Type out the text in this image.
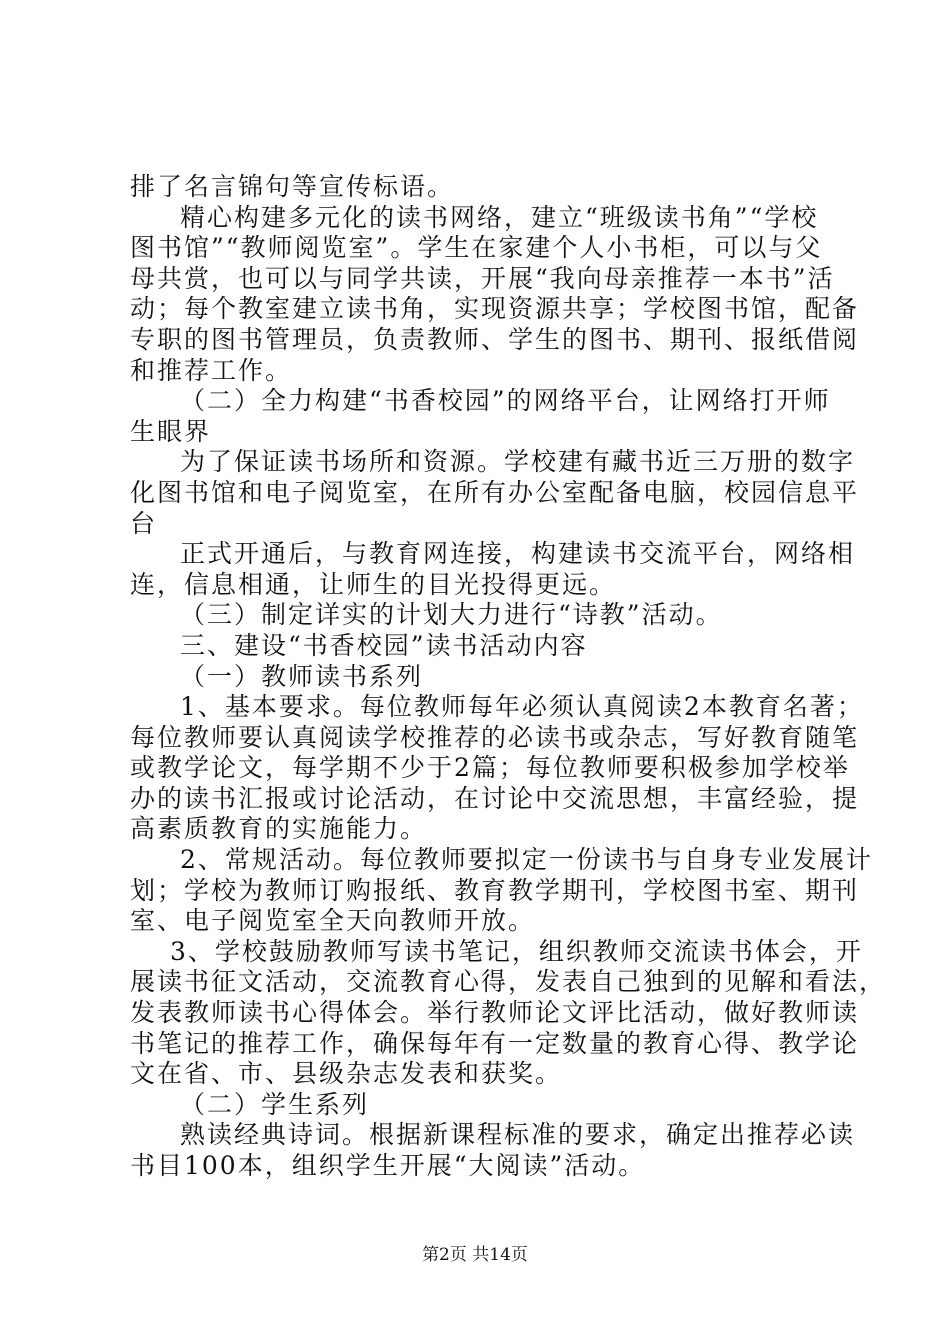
排了名言锦句等宣传标语。
精心构建多元化的读书网络，建立“班级读书角”“学校
图书馆”“教师阅览室”。学生在家建个人小书柜，可以与父
母共赏，也可以与同学共读，开展“我向母亲推荐一本书”活
动；每个教室建立读书角，实现资源共享；学校图书馆，配备
专职的图书管理员，负责教师、学生的图书、期刊、报纸借阅
和推荐工作。
（二）全力构建“书香校园”的网络平台，让网络打开师
生眼界
为了保证读书场所和资源。学校建有藏书近三万册的数字
化图书馆和电子阅览室，在所有办公室配备电脑，校园信息平
台
正式开通后，与教育网连接，构建读书交流平台，网络相
连，信息相通，让师生的目光投得更远。
（三）制定详实的计划大力进行“诗教”活动。
三、建设“书香校园”读书活动内容
（一）教师读书系列
1、基本要求。每位教师每年必须认真阅读2本教育名著；
每位教师要认真阅读学校推荐的必读书或杂志，写好教育随笔
或教学论文，每学期不少于2篇；每位教师要积极参加学校举
办的读书汇报或讨论活动，在讨论中交流思想，丰富经验，提
高素质教育的实施能力。
2、常规活动。每位教师要拟定一份读书与自身专业发展计
划；学校为教师订购报纸、教育教学期刊，学校图书室、期刊
室、电子阅览室全天向教师开放。
3、学校鼓励教师写读书笔记，组织教师交流读书体会，开
展读书征文活动，交流教育心得，发表自己独到的见解和看法，
发表教师读书心得体会。举行教师论文评比活动，做好教师读
书笔记的推荐工作，确保每年有一定数量的教育心得、教学论
文在省、市、县级杂志发表和获奖。
（二）学生系列
熟读经典诗词。根据新课程标准的要求，确定出推荐必读
书目100本，组织学生开展“大阅读”活动。
第2页 共14页
